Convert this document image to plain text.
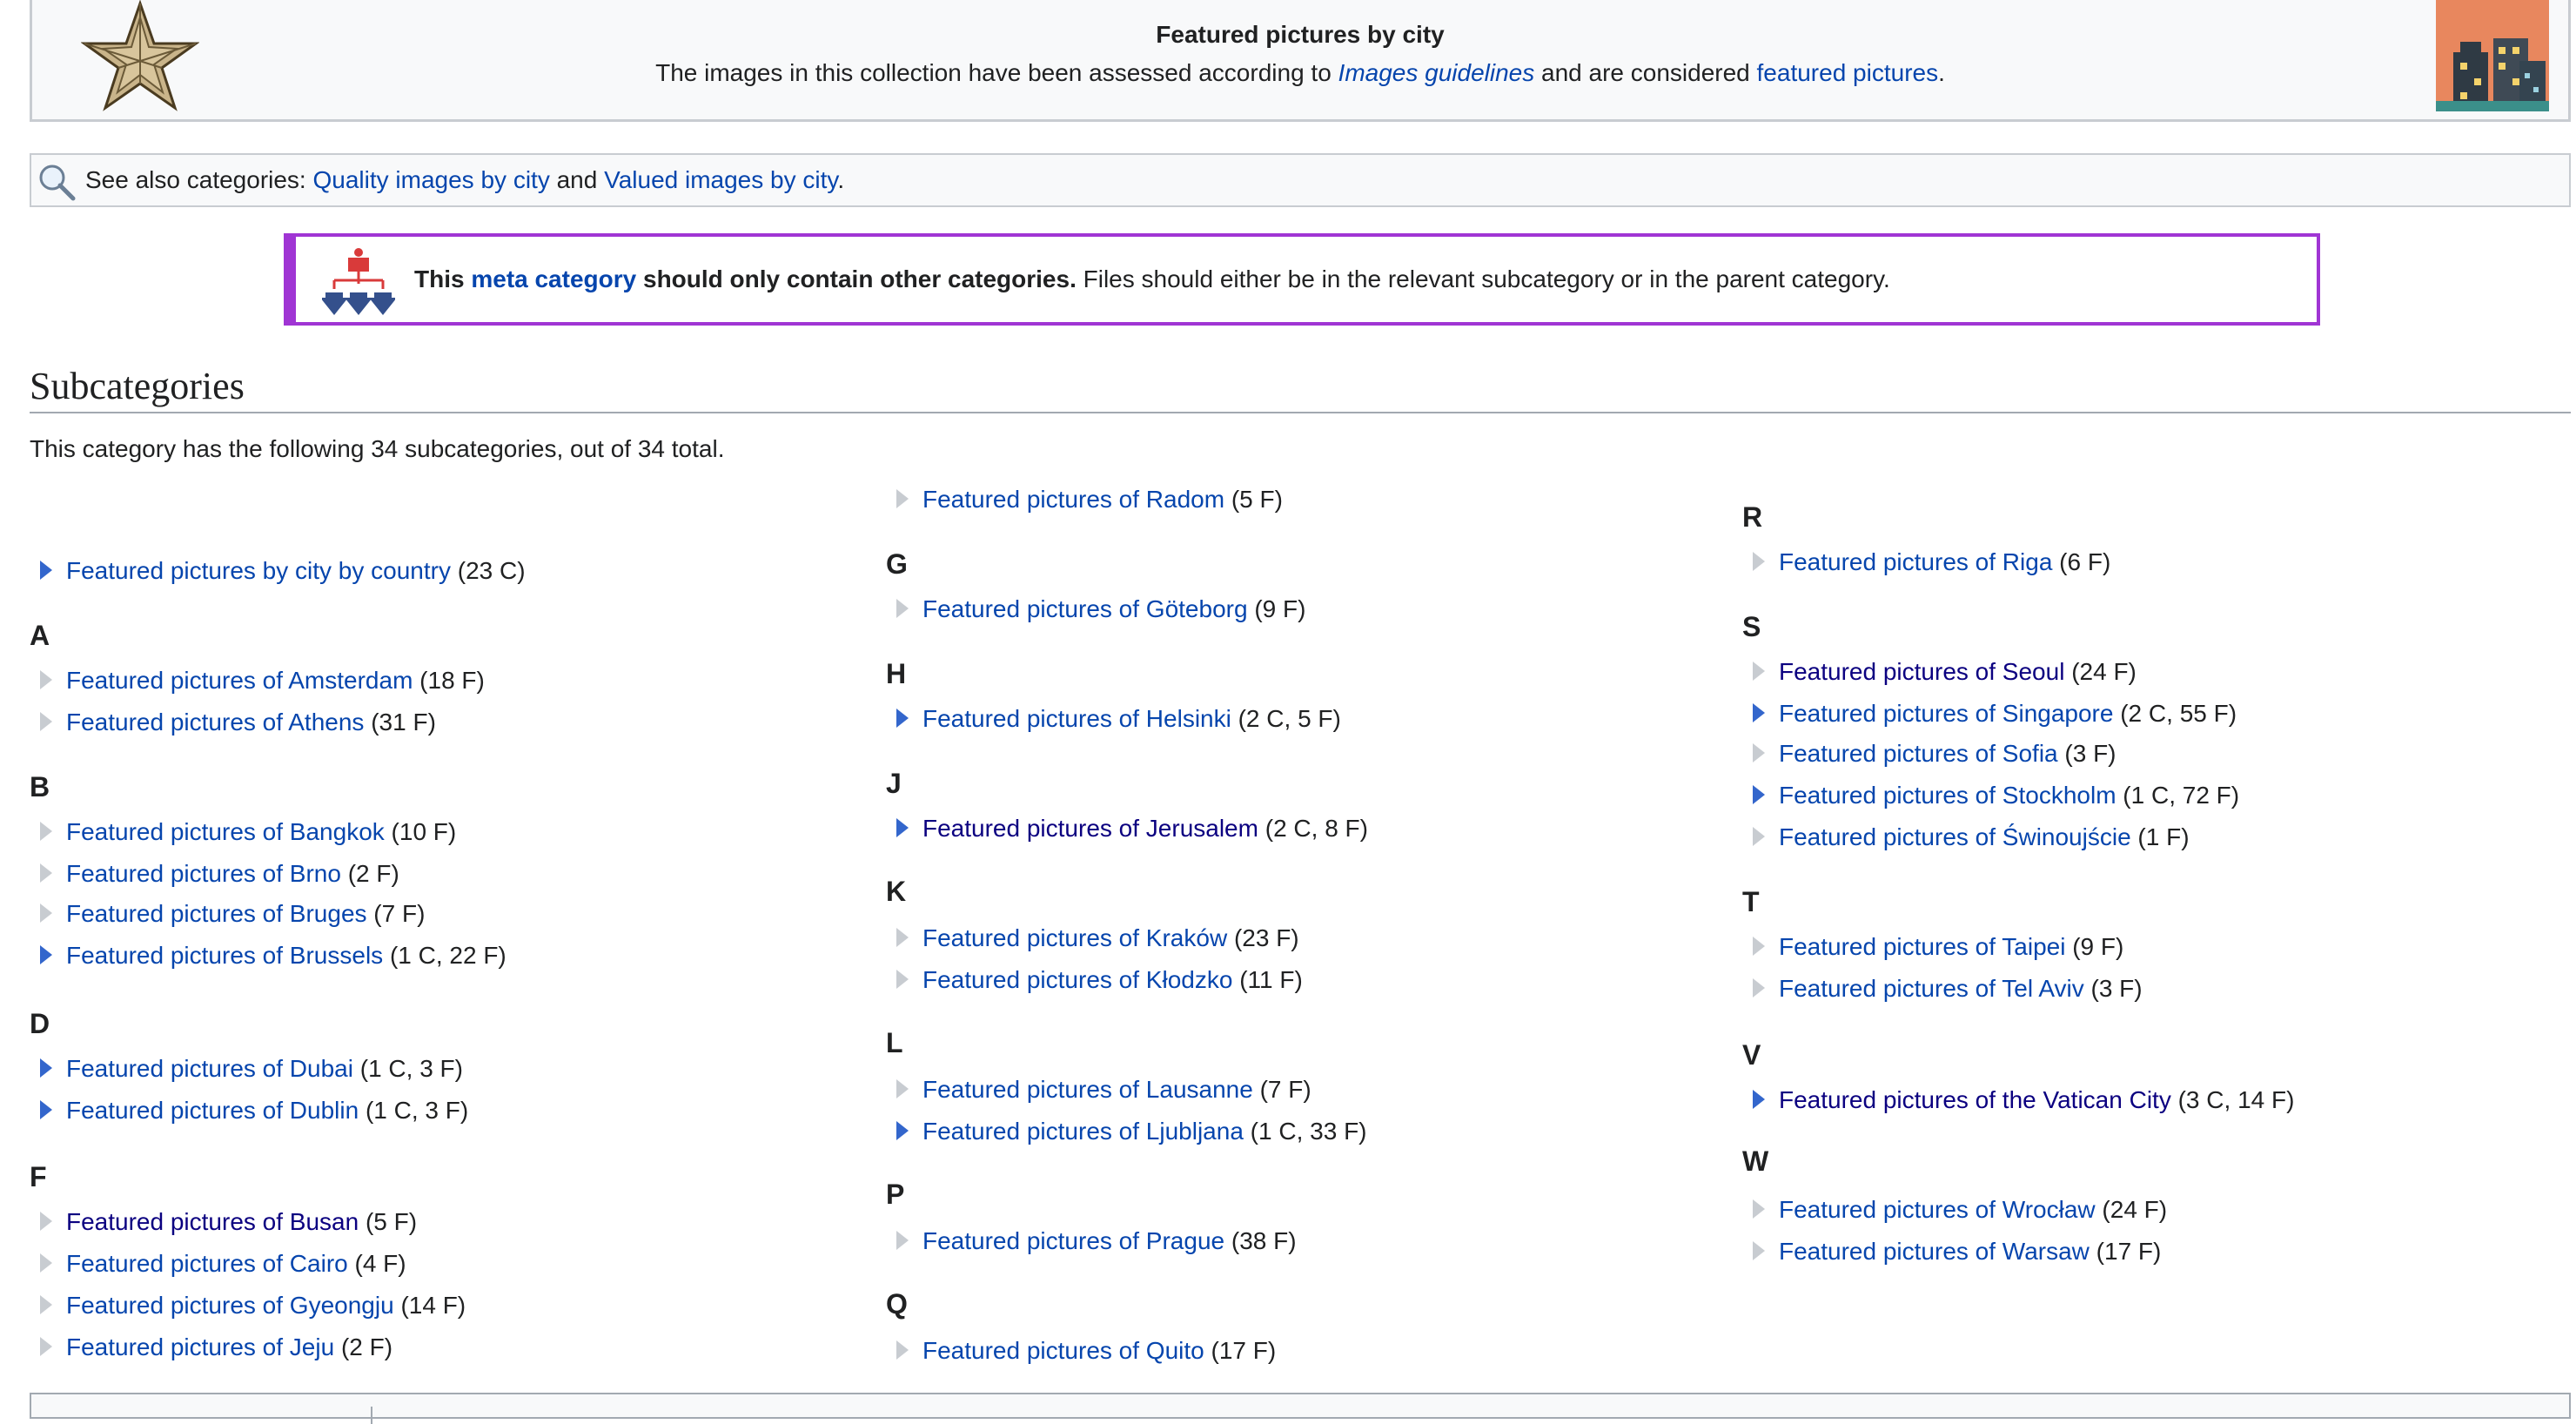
Featured pictures by city
The images in this collection have been assessed according to Images guidelines and are considered featured pictures.
See also categories: Quality images by city and Valued images by city.
This meta category should only contain other categories. Files should either be in the relevant subcategory or in the parent category.
Subcategories
This category has the following 34 subcategories, out of 34 total.
A
B
D
F
Featured pictures by city by country (23 C)
Featured pictures of Amsterdam (18 F)
Featured pictures of Athens (31 F)
Featured pictures of Bangkok (10 F)
Featured pictures of Brno (2 F)
Featured pictures of Bruges (7 F)
Featured pictures of Brussels (1 C, 22 F)
Featured pictures of Dubai (1 C, 3 F)
Featured pictures of Dublin (1 C, 3 F)
Featured pictures of Busan (5 F)
Featured pictures of Cairo (4 F)
Featured pictures of Gyeongju (14 F)
Featured pictures of Jeju (2 F)
G
H
J
K
L
P
Q
Featured pictures of Radom (5 F)
Featured pictures of Göteborg (9 F)
Featured pictures of Helsinki (2 C, 5 F)
Featured pictures of Jerusalem (2 C, 8 F)
Featured pictures of Kraków (23 F)
Featured pictures of Kłodzko (11 F)
Featured pictures of Lausanne (7 F)
Featured pictures of Ljubljana (1 C, 33 F)
Featured pictures of Prague (38 F)
Featured pictures of Quito (17 F)
R
S
T
V
W
Featured pictures of Riga (6 F)
Featured pictures of Seoul (24 F)
Featured pictures of Singapore (2 C, 55 F)
Featured pictures of Sofia (3 F)
Featured pictures of Stockholm (1 C, 72 F)
Featured pictures of Świnoujście (1 F)
Featured pictures of Taipei (9 F)
Featured pictures of Tel Aviv (3 F)
Featured pictures of the Vatican City (3 C, 14 F)
Featured pictures of Wrocław (24 F)
Featured pictures of Warsaw (17 F)
